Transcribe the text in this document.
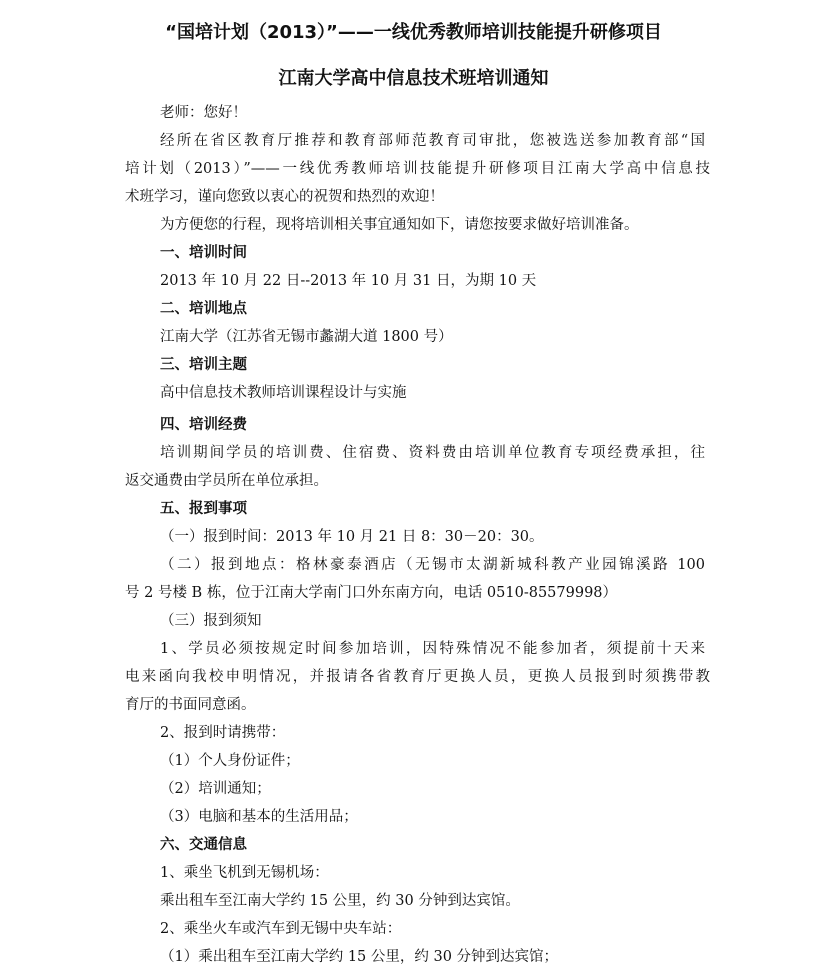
“国培计划（2013）”——一线优秀教师培训技能提升研修项目
江南大学高中信息技术班培训通知
老师：您好！
经所在省区教育厅推荐和教育部师范教育司审批，您被选送参加教育部“国
培计划（2013）”——一线优秀教师培训技能提升研修项目江南大学高中信息技
术班学习，谨向您致以衷心的祝贺和热烈的欢迎！
为方便您的行程，现将培训相关事宜通知如下，请您按要求做好培训准备。
一、培训时间
2013 年 10 月 22 日--2013 年 10 月 31 日，为期 10 天
二、培训地点
江南大学（江苏省无锡市蠡湖大道 1800 号）
三、培训主题
高中信息技术教师培训课程设计与实施
四、培训经费
培训期间学员的培训费、住宿费、资料费由培训单位教育专项经费承担，往
返交通费由学员所在单位承担。
五、报到事项
（一）报到时间：2013 年 10 月 21 日 8：30－20：30。
（二）报到地点：格林豪泰酒店（无锡市太湖新城科教产业园锦溪路 100
号 2 号楼 B 栋，位于江南大学南门口外东南方向，电话 0510-85579998）
（三）报到须知
1、学员必须按规定时间参加培训，因特殊情况不能参加者，须提前十天来
电来函向我校申明情况，并报请各省教育厅更换人员，更换人员报到时须携带教
育厅的书面同意函。
2、报到时请携带：
（1）个人身份证件；
（2）培训通知；
（3）电脑和基本的生活用品；
六、交通信息
1、乘坐飞机到无锡机场：
乘出租车至江南大学约 15 公里，约 30 分钟到达宾馆。
2、乘坐火车或汽车到无锡中央车站：
（1）乘出租车至江南大学约 15 公里，约 30 分钟到达宾馆；
